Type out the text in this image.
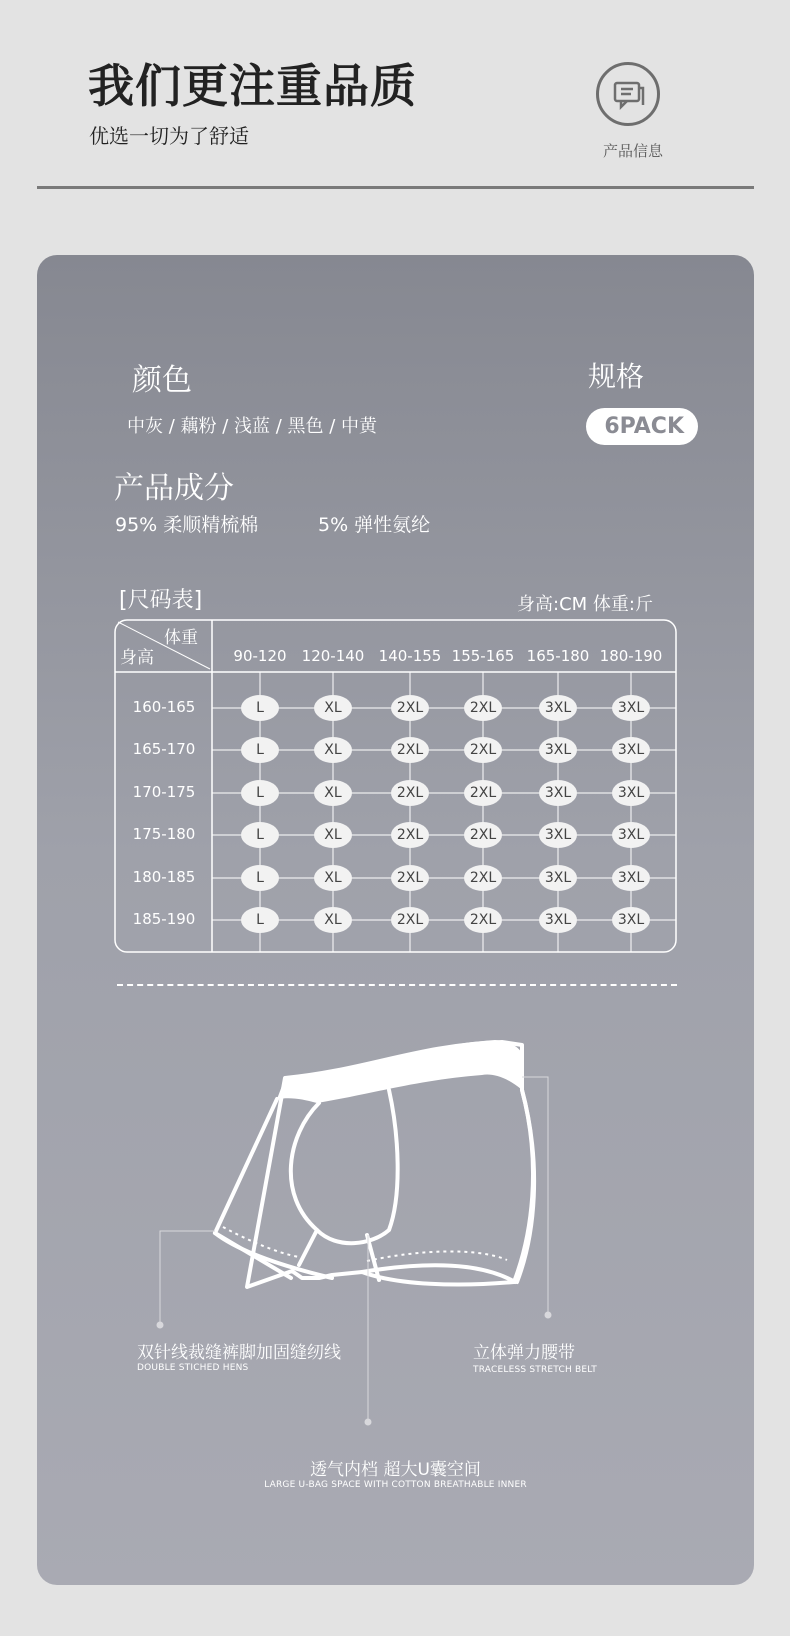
我们更注重品质
优选一切为了舒适
产品信息
颜色
中灰 / 藕粉 / 浅蓝 / 黑色 / 中黄
规格
6PACK
产品成分
95% 柔顺精梳棉	5% 弹性氨纶
[尺码表]	身高:CM 体重:斤
体重
身高	90-120	120-140 140-155 155-165 165-180 180-190
160-165	L	XL	2XL	2XL	3XL	3XL
165-170	L	XL	2XL	2XL	3XL	3XL
170-175	L	XL	2XL	2XL	3XL	3XL
175-180	L	XL	2XL	2XL	3XL	3XL
180-185	L	XL	2XL	2XL	3XL	3XL
185-190	L	XL	2XL	2XL	3XL	3XL
双针线裁缝裤脚加固缝纫线
DOUBLE STICHED HENS
立体弹力腰带
TRACELESS STRETCH BELT
透气内档 超大U囊空间
LARGE U-BAG SPACE WITH COTTON BREATHABLE INNER
